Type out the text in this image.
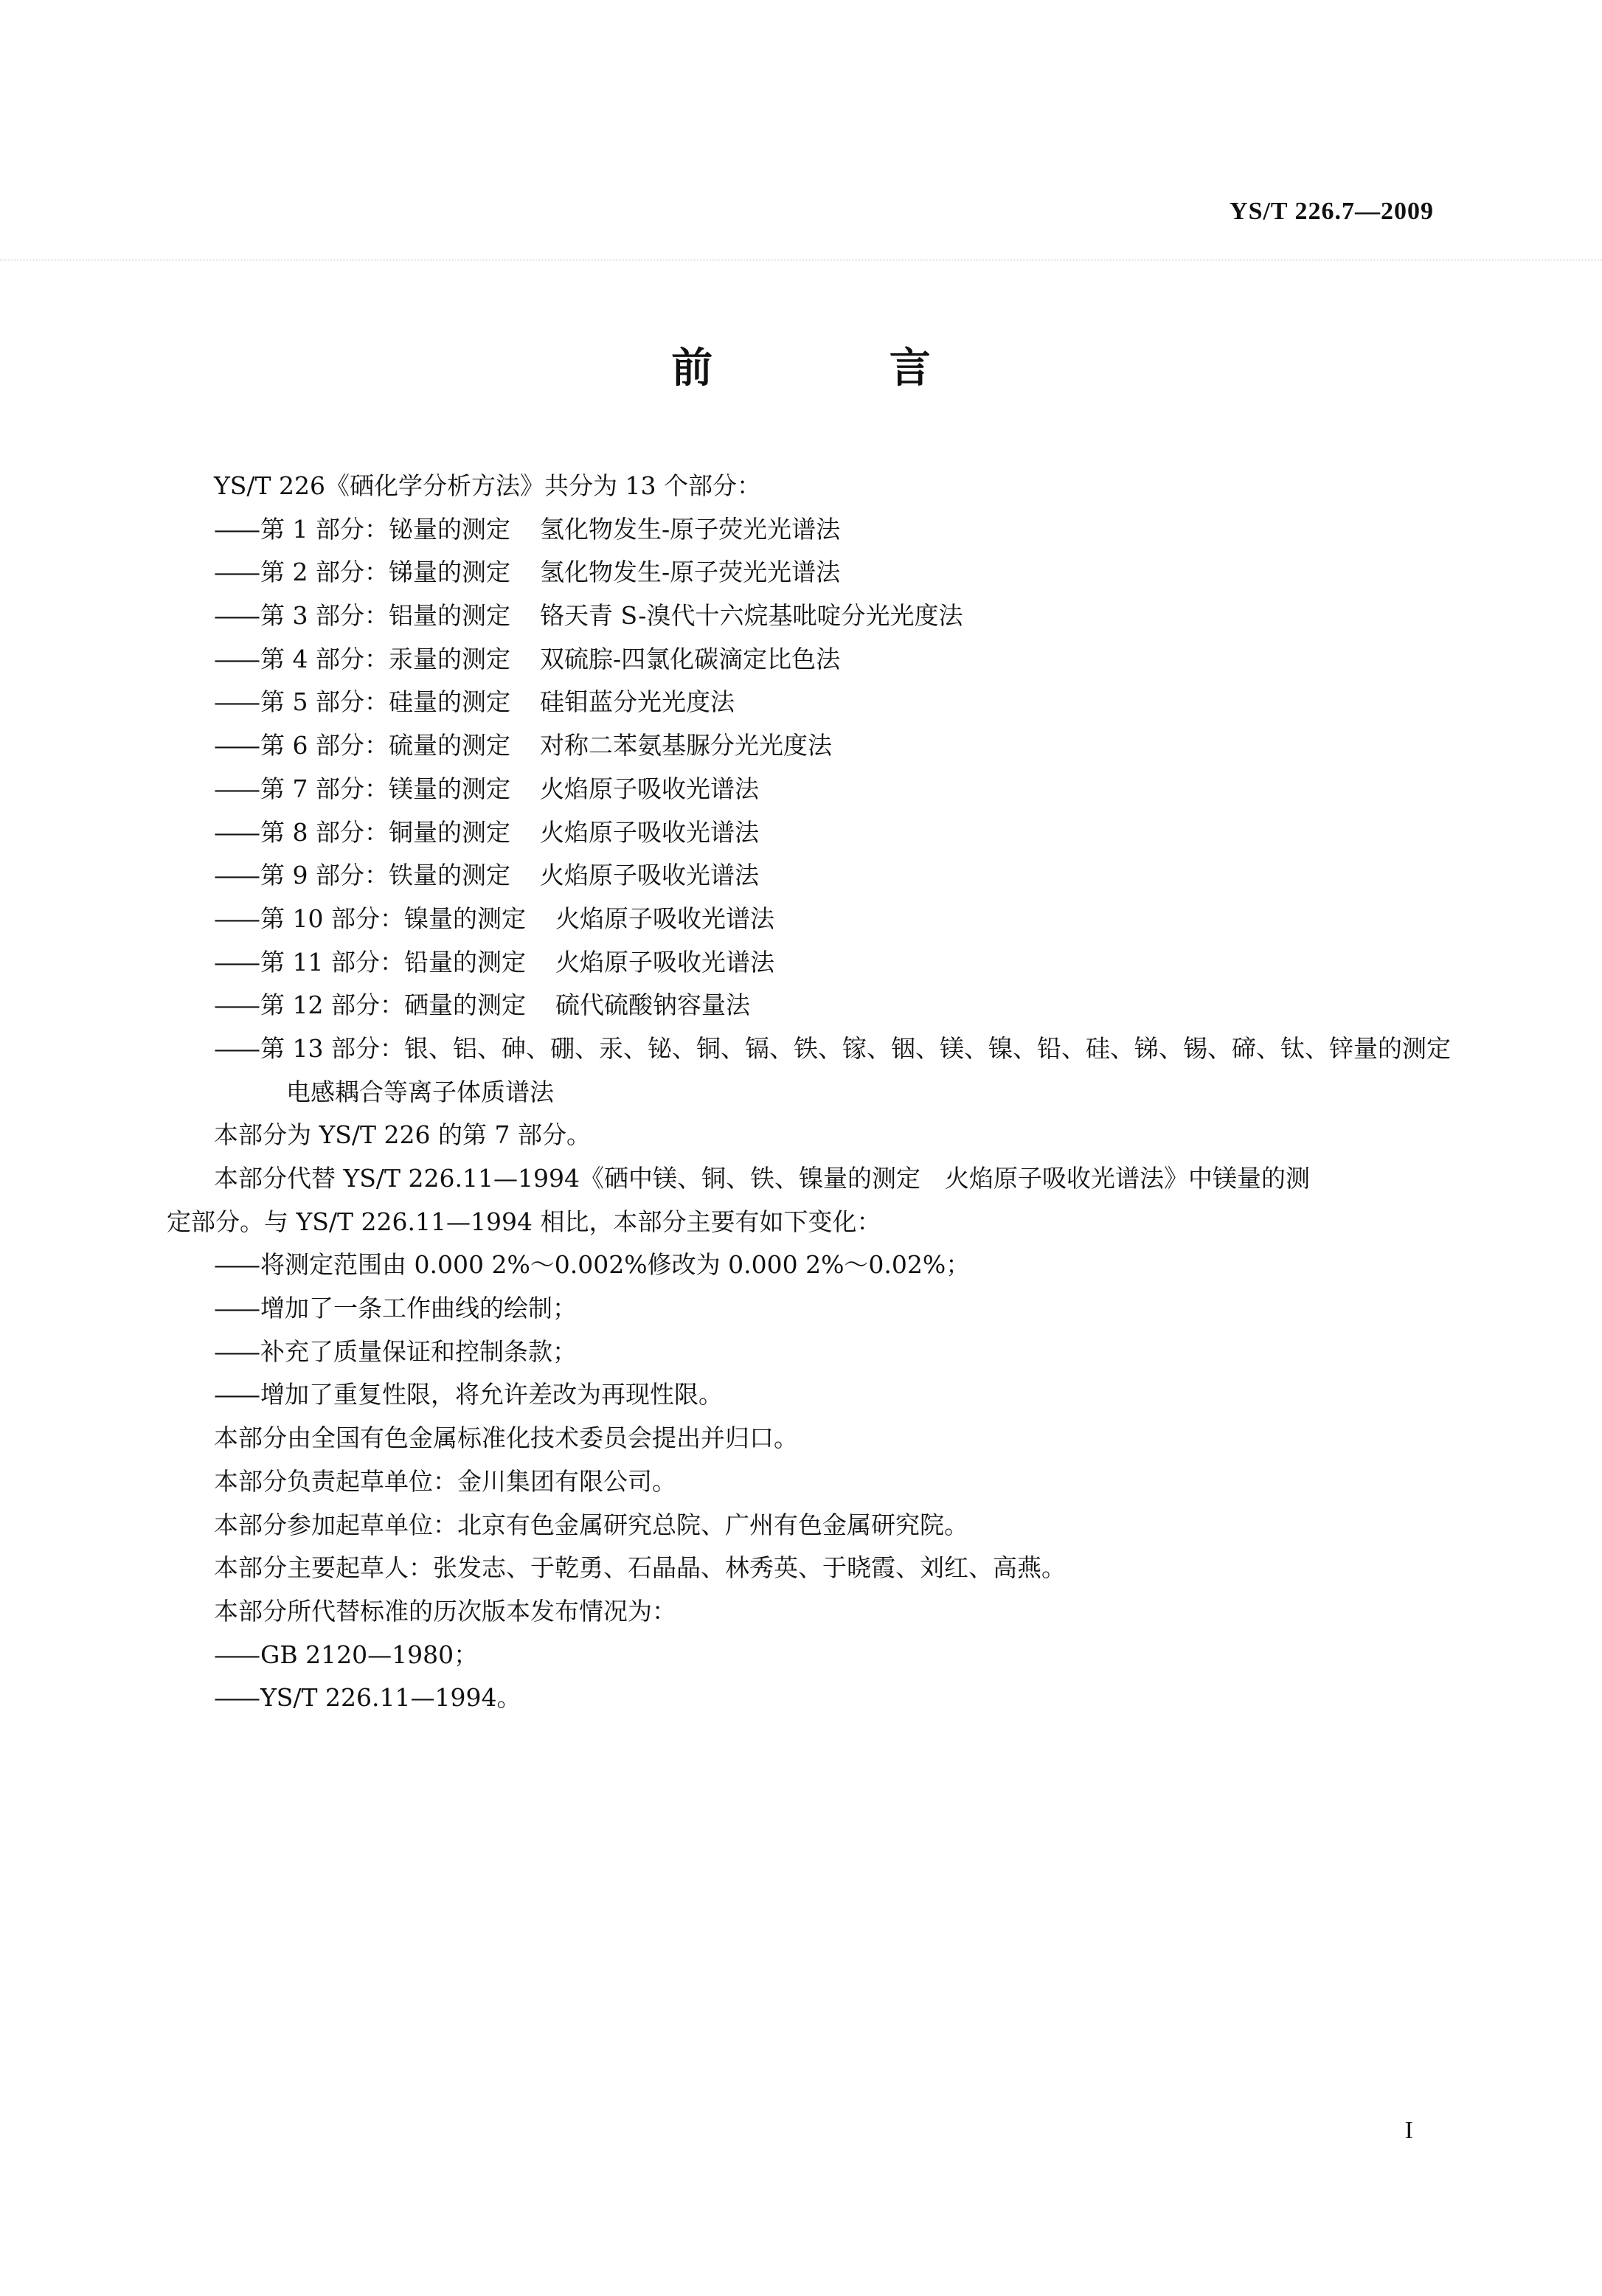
YS/T 226.7—2009
前 言
YS/T 226《硒化学分析方法》共分为 13 个部分：
——第 1 部分：铋量的测定 氢化物发生-原子荧光光谱法
——第 2 部分：锑量的测定 氢化物发生-原子荧光光谱法
——第 3 部分：铝量的测定 铬天青 S-溴代十六烷基吡啶分光光度法
——第 4 部分：汞量的测定 双硫腙-四氯化碳滴定比色法
——第 5 部分：硅量的测定 硅钼蓝分光光度法
——第 6 部分：硫量的测定 对称二苯氨基脲分光光度法
——第 7 部分：镁量的测定 火焰原子吸收光谱法
——第 8 部分：铜量的测定 火焰原子吸收光谱法
——第 9 部分：铁量的测定 火焰原子吸收光谱法
——第 10 部分：镍量的测定 火焰原子吸收光谱法
——第 11 部分：铅量的测定 火焰原子吸收光谱法
——第 12 部分：硒量的测定 硫代硫酸钠容量法
——第 13 部分：银、铝、砷、硼、汞、铋、铜、镉、铁、镓、铟、镁、镍、铅、硅、锑、锡、碲、钛、锌量的测定
电感耦合等离子体质谱法
本部分为 YS/T 226 的第 7 部分。
本部分代替 YS/T 226.11—1994《硒中镁、铜、铁、镍量的测定　火焰原子吸收光谱法》中镁量的测
定部分。与 YS/T 226.11—1994 相比，本部分主要有如下变化：
——将测定范围由 0.000 2%～0.002%修改为 0.000 2%～0.02%；
——增加了一条工作曲线的绘制；
——补充了质量保证和控制条款；
——增加了重复性限，将允许差改为再现性限。
本部分由全国有色金属标准化技术委员会提出并归口。
本部分负责起草单位：金川集团有限公司。
本部分参加起草单位：北京有色金属研究总院、广州有色金属研究院。
本部分主要起草人：张发志、于乾勇、石晶晶、林秀英、于晓霞、刘红、高燕。
本部分所代替标准的历次版本发布情况为：
——GB 2120—1980；
——YS/T 226.11—1994。
I
